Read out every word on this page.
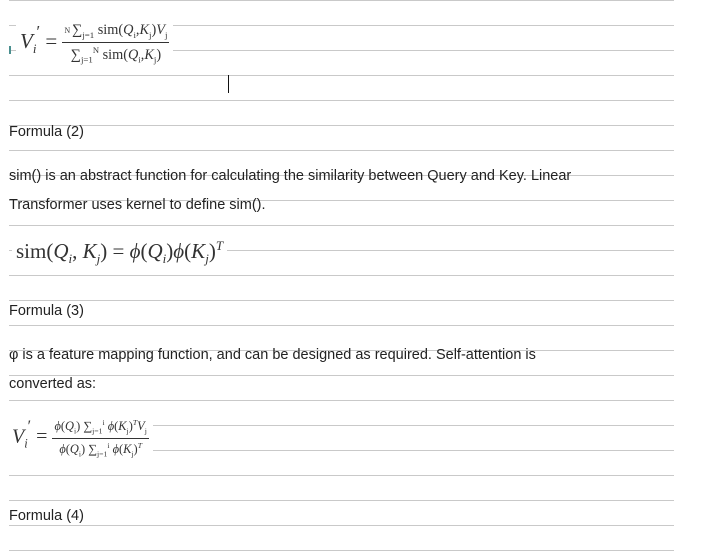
$V_i' = \frac{N \sum_{j=1} sim(Q_i,K_j)V_j}{\sum_{j=1}^N sim(Q_i,K_j)}$
Formula (2)
sim() is an abstract function for calculating the similarity between Query and Key. Linear
Transformer uses kernel to define sim().
$sim(Q_i$, $K_j) = \phi(Q_i)\phi(K_j)^T$
Formula (3)
φ is a feature mapping function, and can be designed as required. Self-attention is
converted as:
$V_i' = \frac{\phi(Q_i) \sum_{j=1}^i \phi(K_j)^TV_j}{\phi(Q_i) \sum_{j=1}^i \phi(K_j)^T}$
Formula (4)
